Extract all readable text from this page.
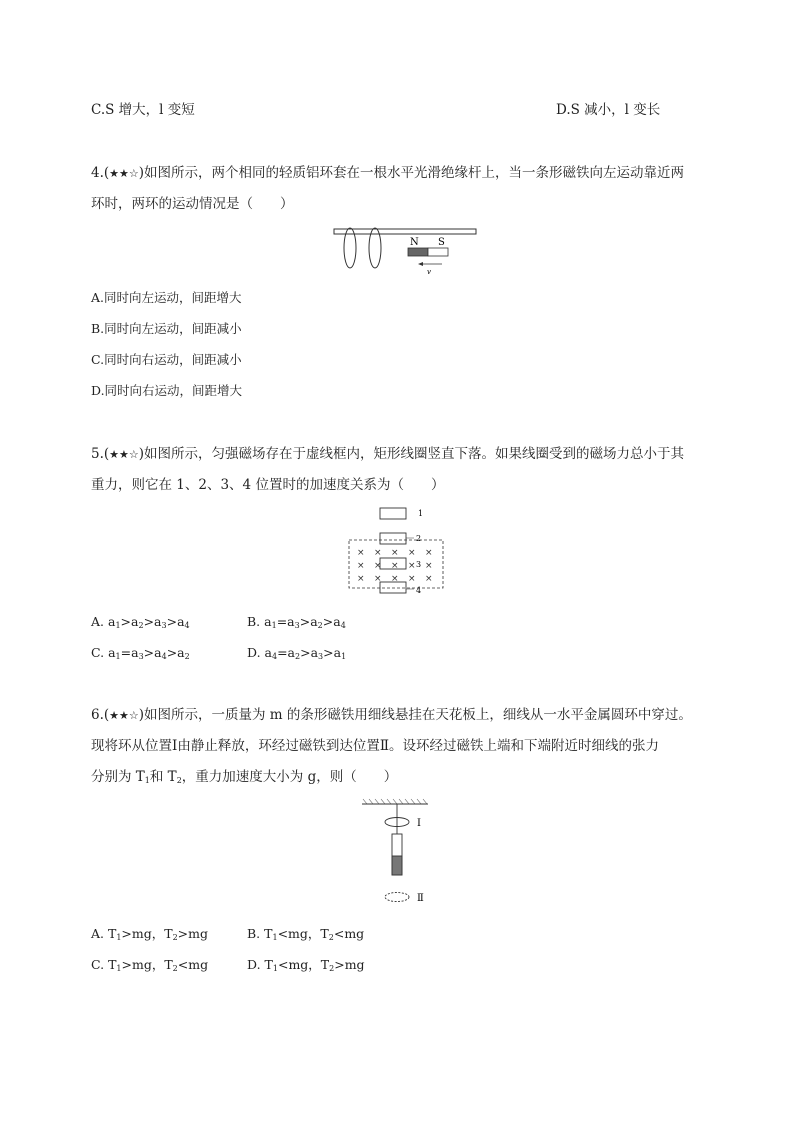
C.S 增大，l 变短	D.S 减小，l 变长
4.(★★☆)如图所示，两个相同的轻质铝环套在一根水平光滑绝缘杆上，当一条形磁铁向左运动靠近两
环时，两环的运动情况是（　　）
N S
v
A.同时向左运动，间距增大
B.同时向左运动，间距减小
C.同时向右运动，间距减小
D.同时向右运动，间距增大
5.(★★☆)如图所示，匀强磁场存在于虚线框内，矩形线圈竖直下落。如果线圈受到的磁场力总小于其
重力，则它在 1、2、3、4 位置时的加速度关系为（　　）
1
2
3
4
× × × × ×
× × × × ×
× × × × ×
A. $a_1>a_2>a_3>a_4$	B. $a_1=a_3>a_2>a_4$
C. $a_1=a_3>a_4>a_2$	D. $a_4=a_2>a_3>a_1$
6.(★★☆)如图所示，一质量为 m 的条形磁铁用细线悬挂在天花板上，细线从一水平金属圆环中穿过。
现将环从位置Ⅰ由静止释放，环经过磁铁到达位置Ⅱ。设环经过磁铁上端和下端附近时细线的张力
分别为 $T_1$和 $T_2$，重力加速度大小为 g，则（　　）
Ⅰ
Ⅱ
A. $T_1>mg$，$T_2>mg$	B. $T_1<mg$，$T_2<mg$
C. $T_1>mg$，$T_2<mg$	D. $T_1<mg$，$T_2>mg$
